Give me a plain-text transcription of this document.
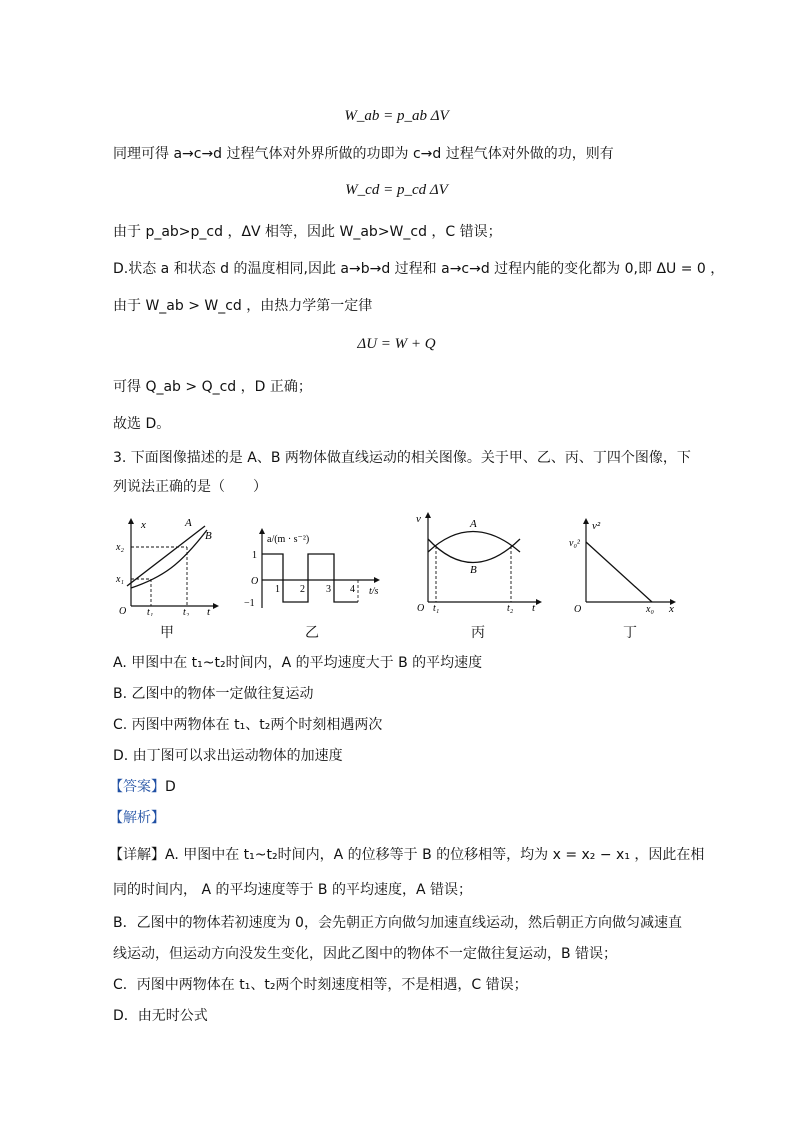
W_ab = p_ab ΔV
同理可得 a→c→d 过程气体对外界所做的功即为 c→d 过程气体对外做的功，则有
W_cd = p_cd ΔV
由于 p_ab>p_cd ，ΔV 相等，因此 W_ab>W_cd ，C 错误；
D.状态 a 和状态 d 的温度相同,因此 a→b→d 过程和 a→c→d 过程内能的变化都为 0,即 ΔU = 0 ，
由于 W_ab > W_cd ，由热力学第一定律
ΔU = W + Q
可得 Q_ab > Q_cd ，D 正确；
故选 D。
3. 下面图像描述的是 A、B 两物体做直线运动的相关图像。关于甲、乙、丙、丁四个图像，下
列说法正确的是（　　）
x	A
B
x₂
x₁
O t₁	t₂ t
甲
a/(m · s⁻²)
1
O
−1
1 2 3 4 t/s
乙
v	A
B
O t₁	t₂ t
丙
v²
v₀²
O	x₀ x
丁
A. 甲图中在 t₁~t₂时间内，A 的平均速度大于 B 的平均速度
B. 乙图中的物体一定做往复运动
C. 丙图中两物体在 t₁、t₂两个时刻相遇两次
D. 由丁图可以求出运动物体的加速度
【答案】D
【解析】
【详解】A. 甲图中在 t₁~t₂时间内，A 的位移等于 B 的位移相等，均为 x = x₂ − x₁ ，因此在相
同的时间内， A 的平均速度等于 B 的平均速度，A 错误；
B．乙图中的物体若初速度为 0，会先朝正方向做匀加速直线运动，然后朝正方向做匀减速直
线运动，但运动方向没发生变化，因此乙图中的物体不一定做往复运动，B 错误；
C．丙图中两物体在 t₁、t₂两个时刻速度相等，不是相遇，C 错误；
D．由无时公式
